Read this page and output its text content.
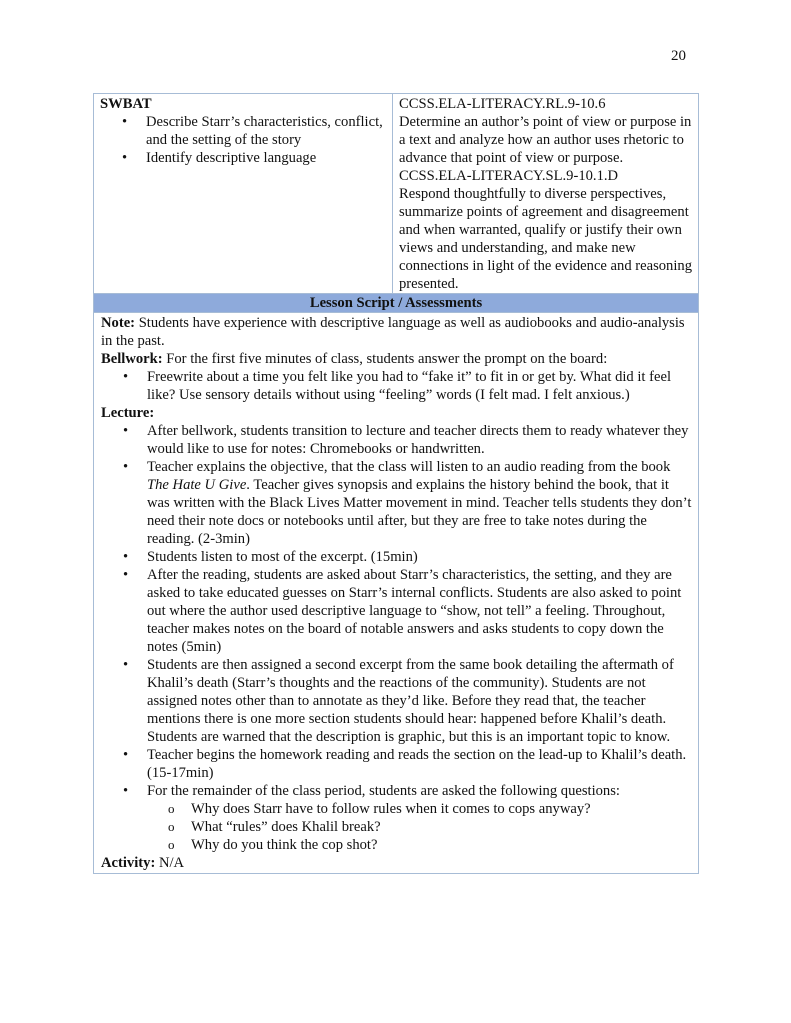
20
SWBAT
• Describe Starr’s characteristics, conflict, and the setting of the story
• Identify descriptive language

CCSS.ELA-LITERACY.RL.9-10.6
Determine an author’s point of view or purpose in a text and analyze how an author uses rhetoric to advance that point of view or purpose.
CCSS.ELA-LITERACY.SL.9-10.1.D
Respond thoughtfully to diverse perspectives, summarize points of agreement and disagreement and when warranted, qualify or justify their own views and understanding, and make new connections in light of the evidence and reasoning presented.

Lesson Script / Assessments

Note: Students have experience with descriptive language as well as audiobooks and audio-analysis in the past.

Bellwork: For the first five minutes of class, students answer the prompt on the board:

• Freewrite about a time you felt like you had to “fake it” to fit in or get by. What did it feel like? Use sensory details without using “feeling” words (I felt mad. I felt anxious.)

Lecture:

• After bellwork, students transition to lecture and teacher directs them to ready whatever they would like to use for notes: Chromebooks or handwritten.
• Teacher explains the objective, that the class will listen to an audio reading from the book The Hate U Give. Teacher gives synopsis and explains the history behind the book, that it was written with the Black Lives Matter movement in mind. Teacher tells students they don’t need their note docs or notebooks until after, but they are free to take notes during the reading. (2-3min)
• Students listen to most of the excerpt. (15min)
• After the reading, students are asked about Starr’s characteristics, the setting, and they are asked to take educated guesses on Starr’s internal conflicts. Students are also asked to point out where the author used descriptive language to “show, not tell” a feeling. Throughout, teacher makes notes on the board of notable answers and asks students to copy down the notes (5min)
• Students are then assigned a second excerpt from the same book detailing the aftermath of Khalil’s death (Starr’s thoughts and the reactions of the community). Students are not assigned notes other than to annotate as they’d like. Before they read that, the teacher mentions there is one more section students should hear: happened before Khalil’s death. Students are warned that the description is graphic, but this is an important topic to know.
• Teacher begins the homework reading and reads the section on the lead-up to Khalil’s death. (15-17min)
• For the remainder of the class period, students are asked the following questions:
o Why does Starr have to follow rules when it comes to cops anyway?
o What “rules” does Khalil break?
o Why do you think the cop shot?

Activity: N/A
